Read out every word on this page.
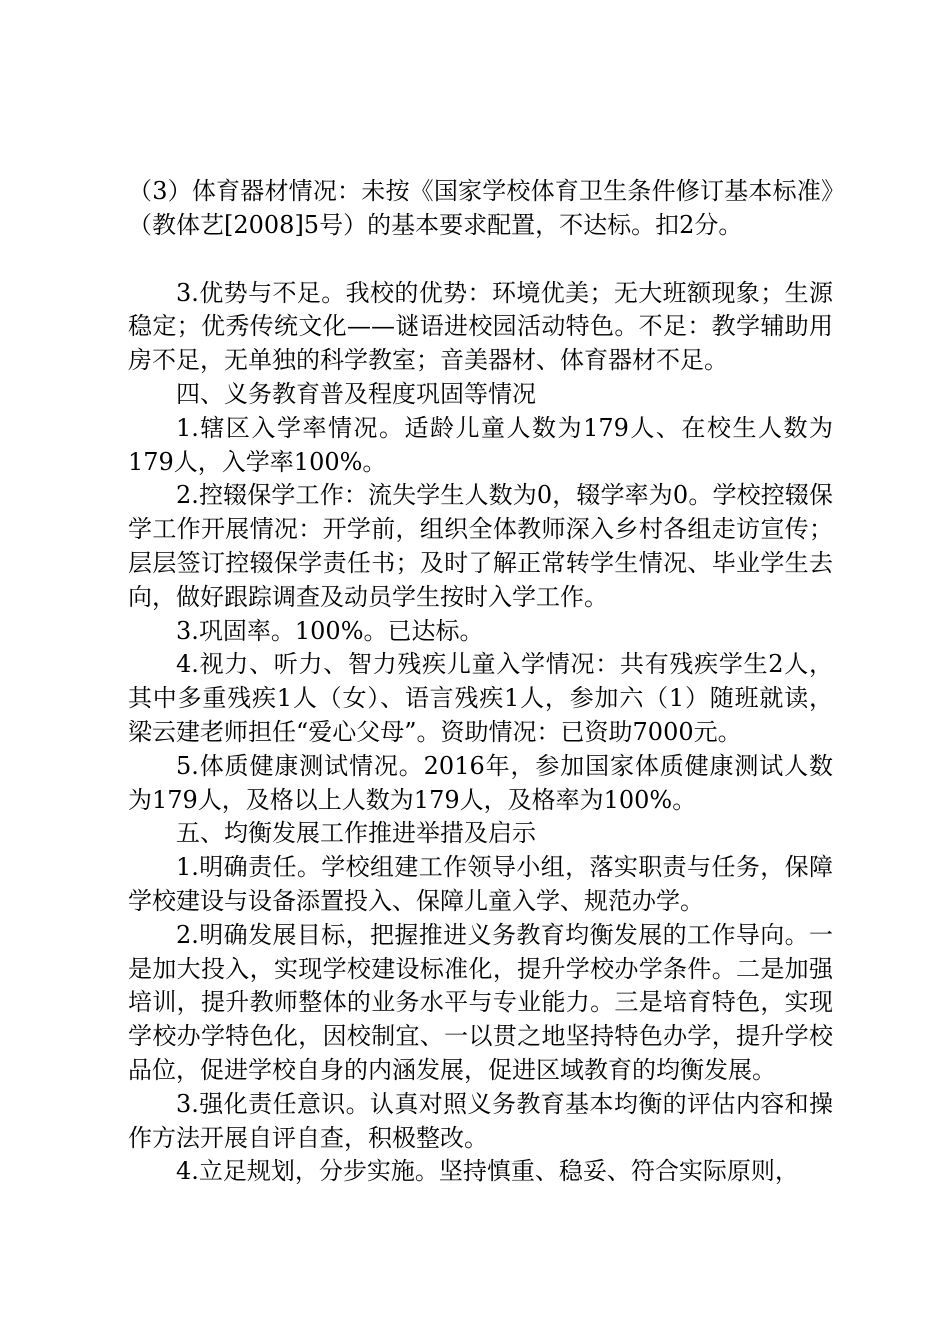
（3）体育器材情况：未按《国家学校体育卫生条件修订基本标准》（教体艺[2008]5号）的基本要求配置，不达标。扣2分。

3.优势与不足。我校的优势：环境优美；无大班额现象；生源稳定；优秀传统文化——谜语进校园活动特色。不足：教学辅助用房不足，无单独的科学教室；音美器材、体育器材不足。

四、义务教育普及程度巩固等情况

1.辖区入学率情况。适龄儿童人数为179人、在校生人数为179人，入学率100%。

2.控辍保学工作：流失学生人数为0，辍学率为0。学校控辍保学工作开展情况：开学前，组织全体教师深入乡村各组走访宣传；层层签订控辍保学责任书；及时了解正常转学生情况、毕业学生去向，做好跟踪调查及动员学生按时入学工作。

3.巩固率。100%。已达标。

4.视力、听力、智力残疾儿童入学情况：共有残疾学生2人，其中多重残疾1人（女）、语言残疾1人，参加六（1）随班就读，梁云建老师担任“爱心父母”。资助情况：已资助7000元。

5.体质健康测试情况。2016年，参加国家体质健康测试人数为179人，及格以上人数为179人，及格率为100%。

五、均衡发展工作推进举措及启示

1.明确责任。学校组建工作领导小组，落实职责与任务，保障学校建设与设备添置投入、保障儿童入学、规范办学。

2.明确发展目标，把握推进义务教育均衡发展的工作导向。一是加大投入，实现学校建设标准化，提升学校办学条件。二是加强培训，提升教师整体的业务水平与专业能力。三是培育特色，实现学校办学特色化，因校制宜、一以贯之地坚持特色办学，提升学校品位，促进学校自身的内涵发展，促进区域教育的均衡发展。

3.强化责任意识。认真对照义务教育基本均衡的评估内容和操作方法开展自评自查，积极整改。

4.立足规划，分步实施。坚持慎重、稳妥、符合实际原则，
